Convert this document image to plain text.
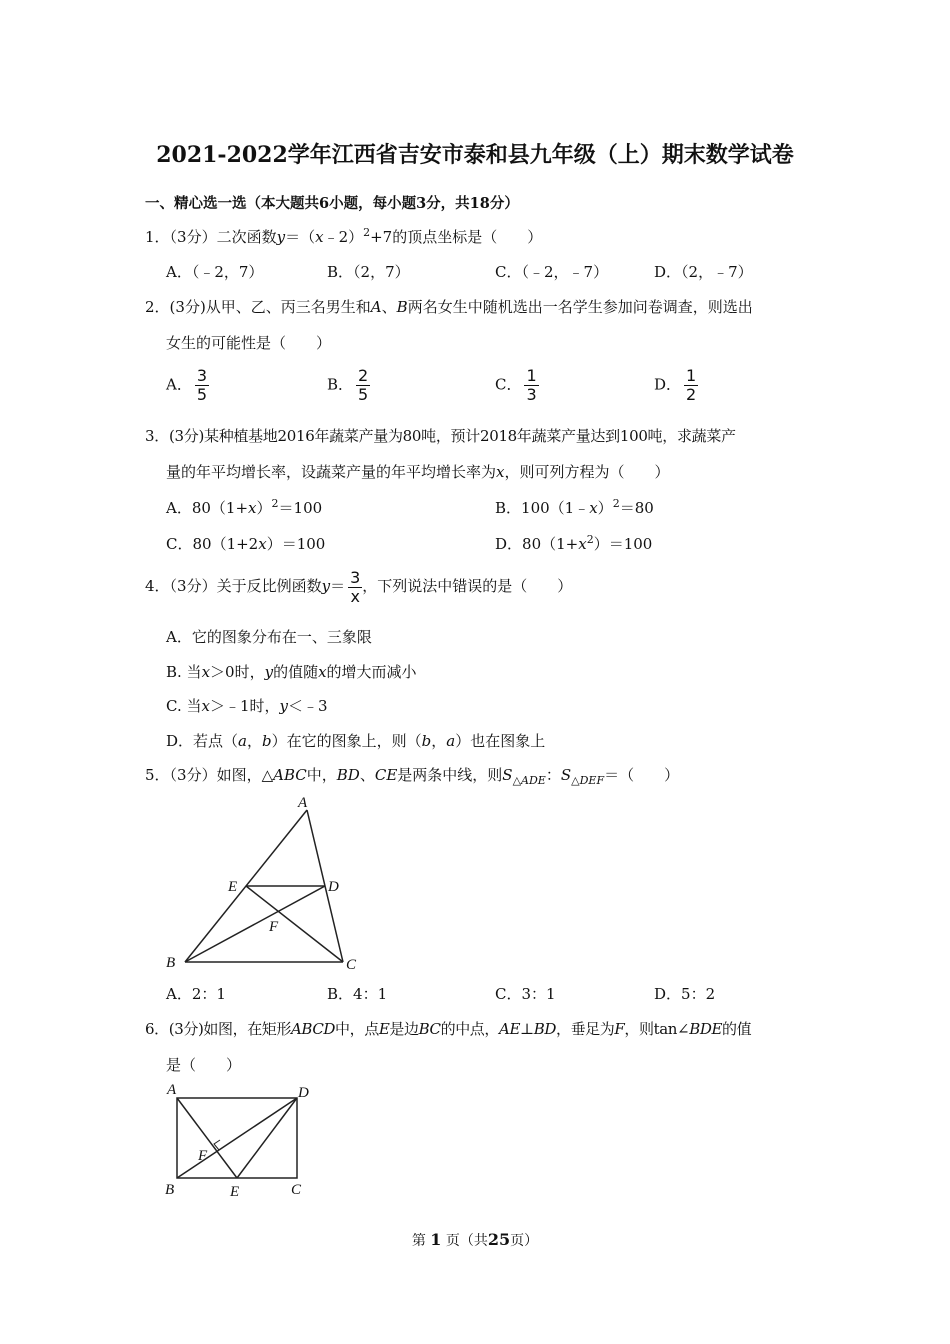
2021-2022学年江西省吉安市泰和县九年级（上）期末数学试卷
一、精心选一选（本大题共6小题，每小题3分，共18分）
1．（3分）二次函数y＝（x﹣2）$^2$+7的顶点坐标是（　　）
A．（﹣2，7）	B．（2，7）	C．（﹣2，﹣7）	D．（2，﹣7）
2．(3分)从甲、乙、丙三名男生和A、B两名女生中随机选出一名学生参加问卷调查，则选出
女生的可能性是（　　）
A． $\frac{3}{5}$	B． $\frac{2}{5}$	C． $\frac{1}{3}$	D． $\frac{1}{2}$
3．(3分)某种植基地2016年蔬菜产量为80吨，预计2018年蔬菜产量达到100吨，求蔬菜产
量的年平均增长率，设蔬菜产量的年平均增长率为x，则可列方程为（　　）
A．$80(1+x)^2=100$	B．100（1﹣x）$^2$＝80
C．80（1+2x）＝100	D．$80(1+x^2)=100$
4．（3分）关于反比例函数$y= \frac{3}{x}$ ，下列说法中错误的是（　　）
A．它的图象分布在一、三象限
B. 当x＞0时，y的值随x的增大而减小
C. 当x＞﹣1时，y＜﹣3
D．若点（a，b）在它的图象上，则（b，a）也在图象上
5．（3分）如图，△ABC中，BD、CE是两条中线，则$S_{\triangle ADE}$：$S_{\triangle DEF}=$（　　）
A
E	D
F
B	C
A．2：1	B．4：1	C．3：1	D．5：2
6．(3分)如图，在矩形ABCD中，点E是边BC的中点，AE⊥BD，垂足为F，则tan∠BDE的值
是（　　）
A	D
F
B	E	C
第 1 页（共25页）
